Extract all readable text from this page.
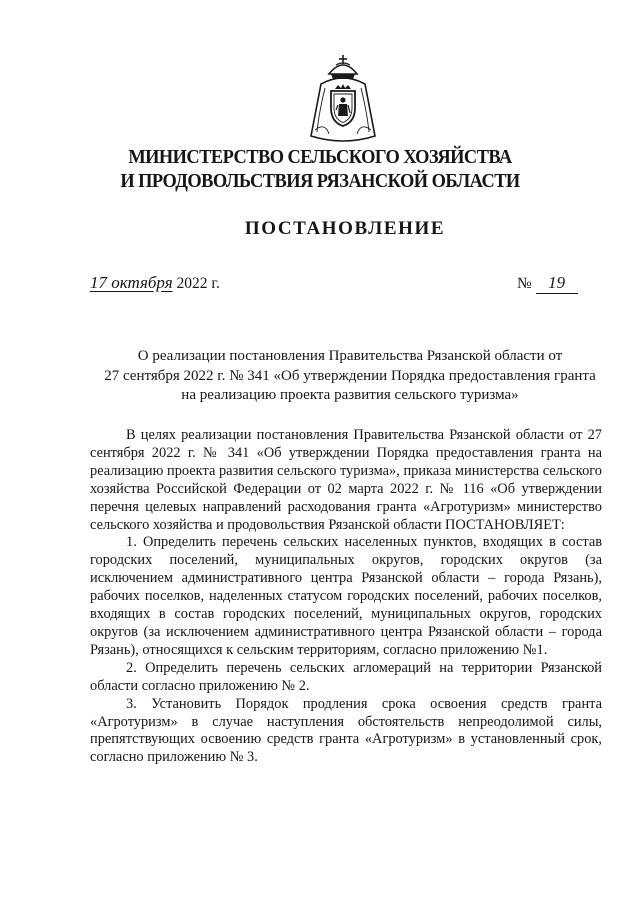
МИНИСТЕРСТВО СЕЛЬСКОГО ХОЗЯЙСТВА
И ПРОДОВОЛЬСТВИЯ РЯЗАНСКОЙ ОБЛАСТИ
ПОСТАНОВЛЕНИЕ
17 октября 2022 г.	№ 19
О реализации постановления Правительства Рязанской области от
27 сентября 2022 г. № 341 «Об утверждении Порядка предоставления гранта
на реализацию проекта развития сельского туризма»

В целях реализации постановления Правительства Рязанской области от 27 сентября 2022 г. № 341 «Об утверждении Порядка предоставления гранта на реализацию проекта развития сельского туризма», приказа министерства сельского хозяйства Российской Федерации от 02 марта 2022 г. № 116 «Об утверждении перечня целевых направлений расходования гранта «Агротуризм» министерство сельского хозяйства и продовольствия Рязанской области ПОСТАНОВЛЯЕТ:

1. Определить перечень сельских населенных пунктов, входящих в состав городских поселений, муниципальных округов, городских округов (за исключением административного центра Рязанской области – города Рязань), рабочих поселков, наделенных статусом городских поселений, рабочих поселков, входящих в состав городских поселений, муниципальных округов, городских округов (за исключением административного центра Рязанской области – города Рязань), относящихся к сельским территориям, согласно приложению №1.

2. Определить перечень сельских агломераций на территории Рязанской области согласно приложению № 2.

3. Установить Порядок продления срока освоения средств гранта «Агротуризм» в случае наступления обстоятельств непреодолимой силы, препятствующих освоению средств гранта «Агротуризм» в установленный срок, согласно приложению № 3.
